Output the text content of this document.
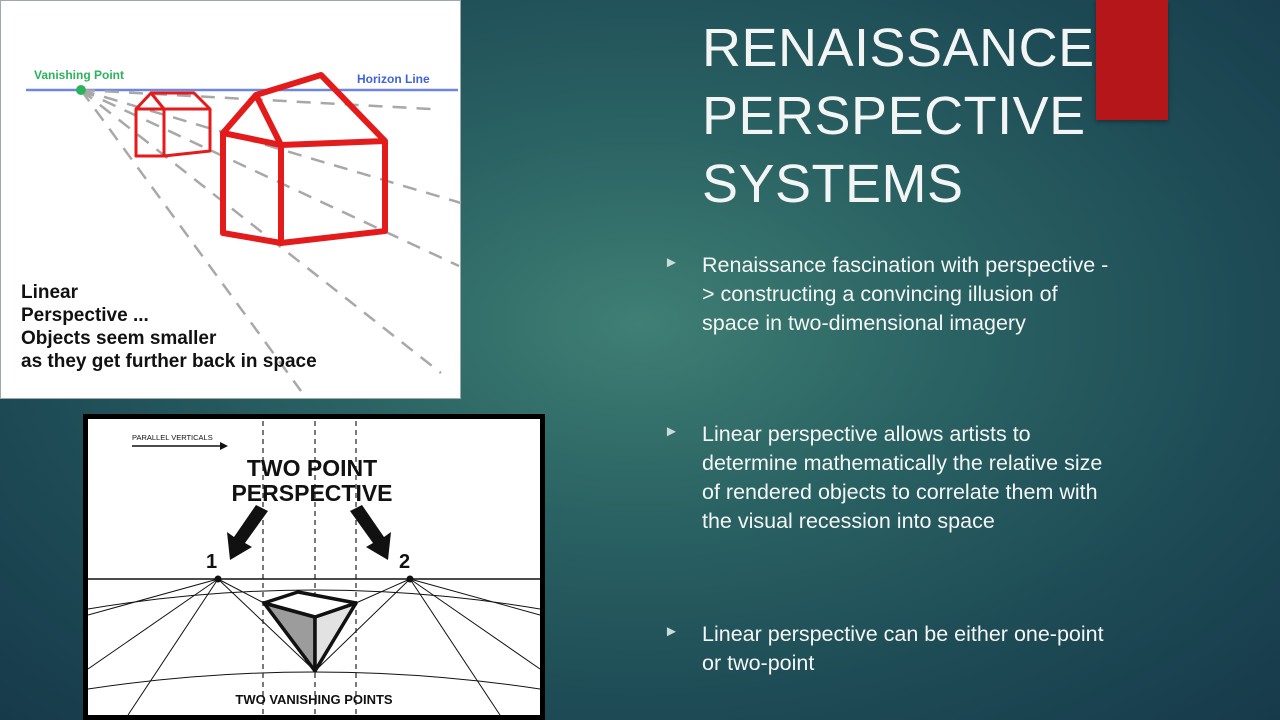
RENAISSANCE
PERSPECTIVE
SYSTEMS
► Renaissance fascination with perspective -> constructing a convincing illusion of space in two-dimensional imagery
► Linear perspective allows artists to determine mathematically the relative size of rendered objects to correlate them with the visual recession into space
► Linear perspective can be either one-point or two-point
Vanishing Point	Horizon Line
Linear
Perspective ...
Objects seem smaller
as they get further back in space
PARALLEL VERTICALS
TWO POINT
PERSPECTIVE
1	2
TWO VANISHING POINTS
